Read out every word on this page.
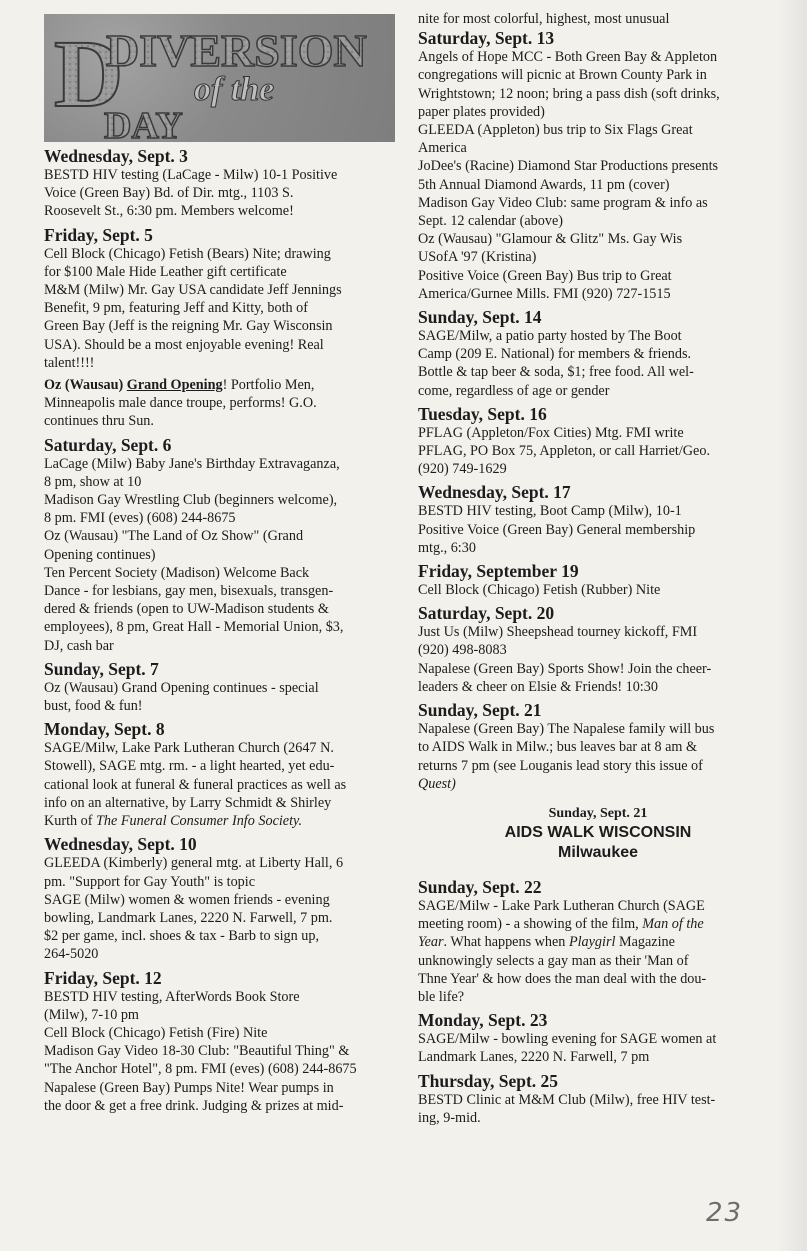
D
DIVERSION
of the
DAY

Wednesday, Sept. 3

BESTD HIV testing (LaCage - Milw) 10-1 Positive

Voice (Green Bay) Bd. of Dir. mtg., 1103 S.

Roosevelt St., 6:30 pm. Members welcome!

Friday, Sept. 5

Cell Block (Chicago) Fetish (Bears) Nite; drawing

for $100 Male Hide Leather gift certificate

M&M (Milw) Mr. Gay USA candidate Jeff Jennings

Benefit, 9 pm, featuring Jeff and Kitty, both of

Green Bay (Jeff is the reigning Mr. Gay Wisconsin

USA). Should be a most enjoyable evening! Real

talent!!!!

Oz (Wausau) Grand Opening! Portfolio Men,

Minneapolis male dance troupe, performs! G.O.

continues thru Sun.

Saturday, Sept. 6

LaCage (Milw) Baby Jane's Birthday Extravaganza,

8 pm, show at 10

Madison Gay Wrestling Club (beginners welcome),

8 pm. FMI (eves) (608) 244-8675

Oz (Wausau) "The Land of Oz Show" (Grand

Opening continues)

Ten Percent Society (Madison) Welcome Back

Dance - for lesbians, gay men, bisexuals, transgen-

dered & friends (open to UW-Madison students &

employees), 8 pm, Great Hall - Memorial Union, $3,

DJ, cash bar

Sunday, Sept. 7

Oz (Wausau) Grand Opening continues - special

bust, food & fun!

Monday, Sept. 8

SAGE/Milw, Lake Park Lutheran Church (2647 N.

Stowell), SAGE mtg. rm. - a light hearted, yet edu-

cational look at funeral & funeral practices as well as

info on an alternative, by Larry Schmidt & Shirley

Kurth of The Funeral Consumer Info Society.

Wednesday, Sept. 10

GLEEDA (Kimberly) general mtg. at Liberty Hall, 6

pm. "Support for Gay Youth" is topic

SAGE (Milw) women & women friends - evening

bowling, Landmark Lanes, 2220 N. Farwell, 7 pm.

$2 per game, incl. shoes & tax - Barb to sign up,

264-5020

Friday, Sept. 12

BESTD HIV testing, AfterWords Book Store

(Milw), 7-10 pm

Cell Block (Chicago) Fetish (Fire) Nite

Madison Gay Video 18-30 Club: "Beautiful Thing" &

"The Anchor Hotel", 8 pm. FMI (eves) (608) 244-8675

Napalese (Green Bay) Pumps Nite! Wear pumps in

the door & get a free drink. Judging & prizes at mid-

nite for most colorful, highest, most unusual

Saturday, Sept. 13

Angels of Hope MCC - Both Green Bay & Appleton

congregations will picnic at Brown County Park in

Wrightstown; 12 noon; bring a pass dish (soft drinks,

paper plates provided)

GLEEDA (Appleton) bus trip to Six Flags Great

America

JoDee's (Racine) Diamond Star Productions presents

5th Annual Diamond Awards, 11 pm (cover)

Madison Gay Video Club: same program & info as

Sept. 12 calendar (above)

Oz (Wausau) "Glamour & Glitz" Ms. Gay Wis

USofA '97 (Kristina)

Positive Voice (Green Bay) Bus trip to Great

America/Gurnee Mills. FMI (920) 727-1515

Sunday, Sept. 14

SAGE/Milw, a patio party hosted by The Boot

Camp (209 E. National) for members & friends.

Bottle & tap beer & soda, $1; free food. All wel-

come, regardless of age or gender

Tuesday, Sept. 16

PFLAG (Appleton/Fox Cities) Mtg. FMI write

PFLAG, PO Box 75, Appleton, or call Harriet/Geo.

(920) 749-1629

Wednesday, Sept. 17

BESTD HIV testing, Boot Camp (Milw), 10-1

Positive Voice (Green Bay) General membership

mtg., 6:30

Friday, September 19

Cell Block (Chicago) Fetish (Rubber) Nite

Saturday, Sept. 20

Just Us (Milw) Sheepshead tourney kickoff, FMI

(920) 498-8083

Napalese (Green Bay) Sports Show! Join the cheer-

leaders & cheer on Elsie & Friends! 10:30

Sunday, Sept. 21

Napalese (Green Bay) The Napalese family will bus

to AIDS Walk in Milw.; bus leaves bar at 8 am &

returns 7 pm (see Louganis lead story this issue of

Quest)

Sunday, Sept. 21
AIDS WALK WISCONSIN
Milwaukee

Sunday, Sept. 22

SAGE/Milw - Lake Park Lutheran Church (SAGE

meeting room) - a showing of the film, Man of the

Year. What happens when Playgirl Magazine

unknowingly selects a gay man as their 'Man of

Thne Year' & how does the man deal with the dou-

ble life?

Monday, Sept. 23

SAGE/Milw - bowling evening for SAGE women at

Landmark Lanes, 2220 N. Farwell, 7 pm

Thursday, Sept. 25

BESTD Clinic at M&M Club (Milw), free HIV test-

ing, 9-mid.

23
